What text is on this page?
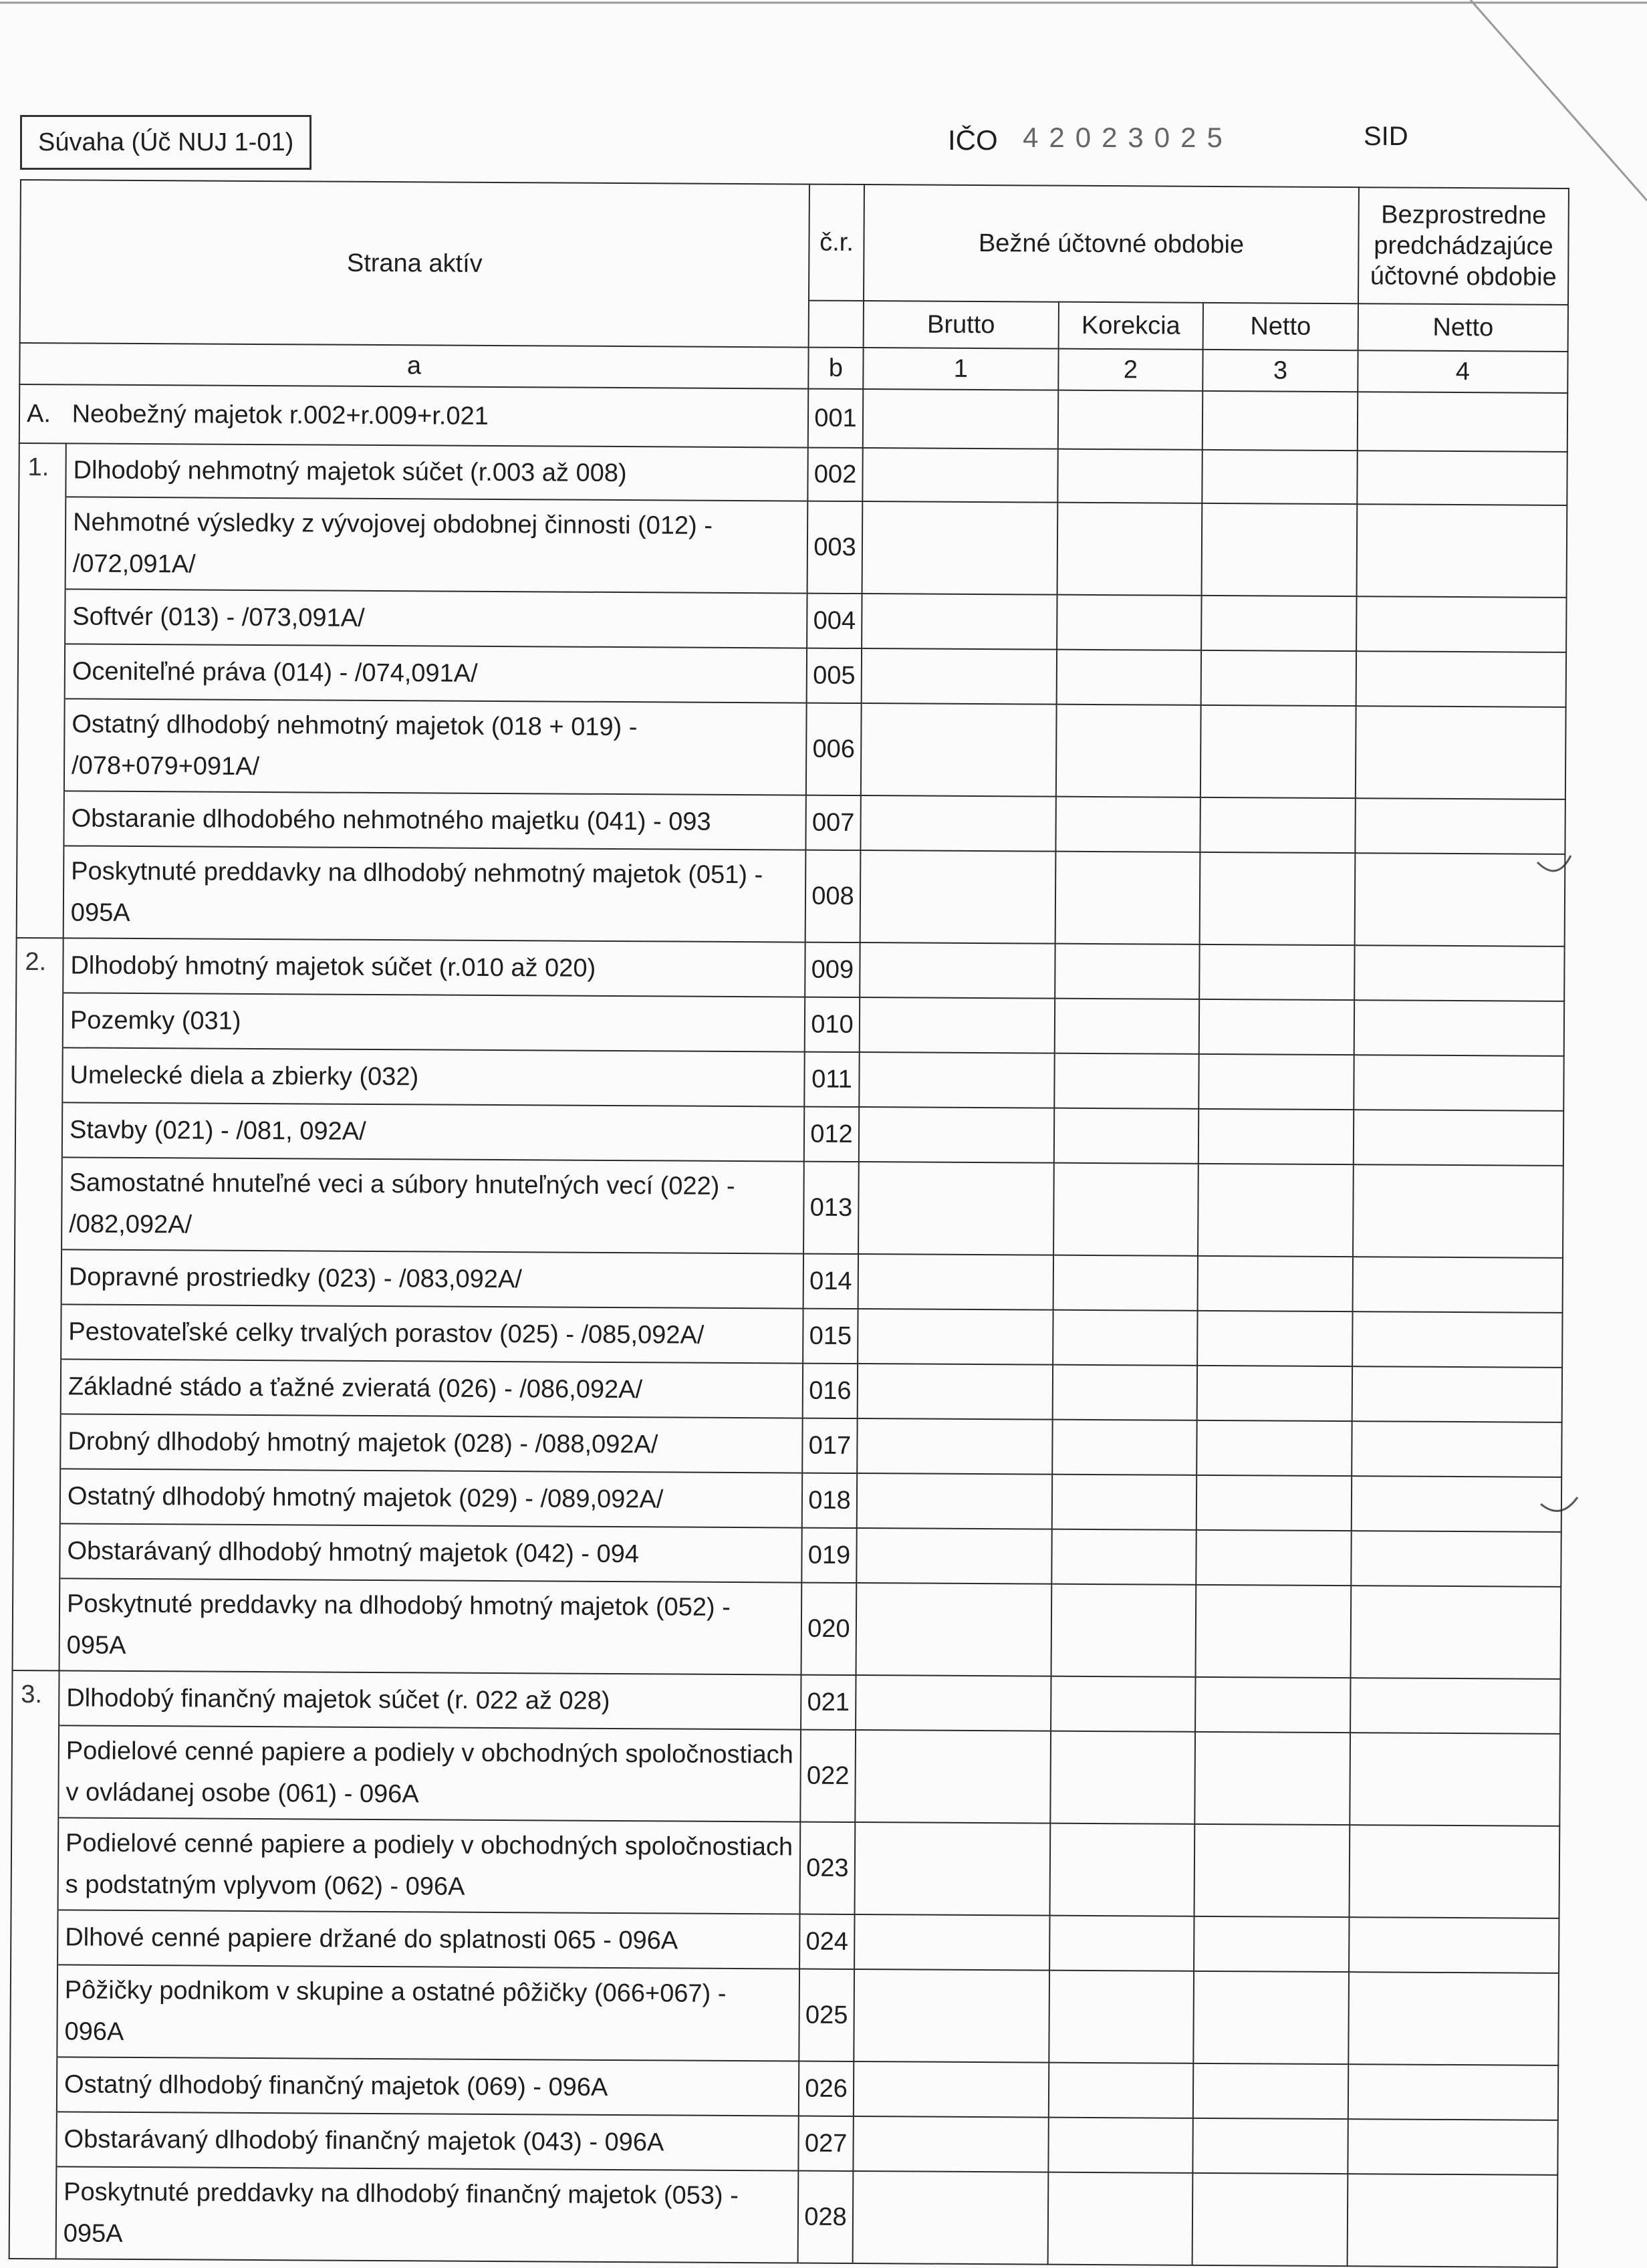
Súvaha (Úč NUJ 1-01)	IČO 42023025	SID
Strana aktív		č.r.	Bežné účtovné obdobie			Bezprostredne predchádzajúce účtovné obdobie
			Brutto	Korekcia	Netto	Netto
a		b	1	2	3	4
A. Neobežný majetok r.002+r.009+r.021		001				
1.	Dlhodobý nehmotný majetok súčet (r.003 až 008)	002				
	Nehmotné výsledky z vývojovej obdobnej činnosti (012) - /072,091A/	003				
	Softvér (013) - /073,091A/	004				
	Oceniteľné práva (014) - /074,091A/	005				
	Ostatný dlhodobý nehmotný majetok (018 + 019) - /078+079+091A/	006				
	Obstaranie dlhodobého nehmotného majetku (041) - 093	007				
	Poskytnuté preddavky na dlhodobý nehmotný majetok (051) - 095A	008				
2.	Dlhodobý hmotný majetok súčet (r.010 až 020)	009				
	Pozemky (031)	010				
	Umelecké diela a zbierky (032)	011				
	Stavby (021) - /081, 092A/	012				
	Samostatné hnuteľné veci a súbory hnuteľných vecí (022) - /082,092A/	013				
	Dopravné prostriedky (023) - /083,092A/	014				
	Pestovateľské celky trvalých porastov (025) - /085,092A/	015				
	Základné stádo a ťažné zvieratá (026) - /086,092A/	016				
	Drobný dlhodobý hmotný majetok (028) - /088,092A/	017				
	Ostatný dlhodobý hmotný majetok (029) - /089,092A/	018				
	Obstarávaný dlhodobý hmotný majetok (042) - 094	019				
	Poskytnuté preddavky na dlhodobý hmotný majetok (052) - 095A	020				
3.	Dlhodobý finančný majetok súčet (r. 022 až 028)	021				
	Podielové cenné papiere a podiely v obchodných spoločnostiach v ovládanej osobe (061) - 096A	022				
	Podielové cenné papiere a podiely v obchodných spoločnostiach s podstatným vplyvom (062) - 096A	023				
	Dlhové cenné papiere držané do splatnosti 065 - 096A	024				
	Pôžičky podnikom v skupine a ostatné pôžičky (066+067) - 096A	025				
	Ostatný dlhodobý finančný majetok (069) - 096A	026				
	Obstarávaný dlhodobý finančný majetok (043) - 096A	027				
	Poskytnuté preddavky na dlhodobý finančný majetok (053) - 095A	028				
